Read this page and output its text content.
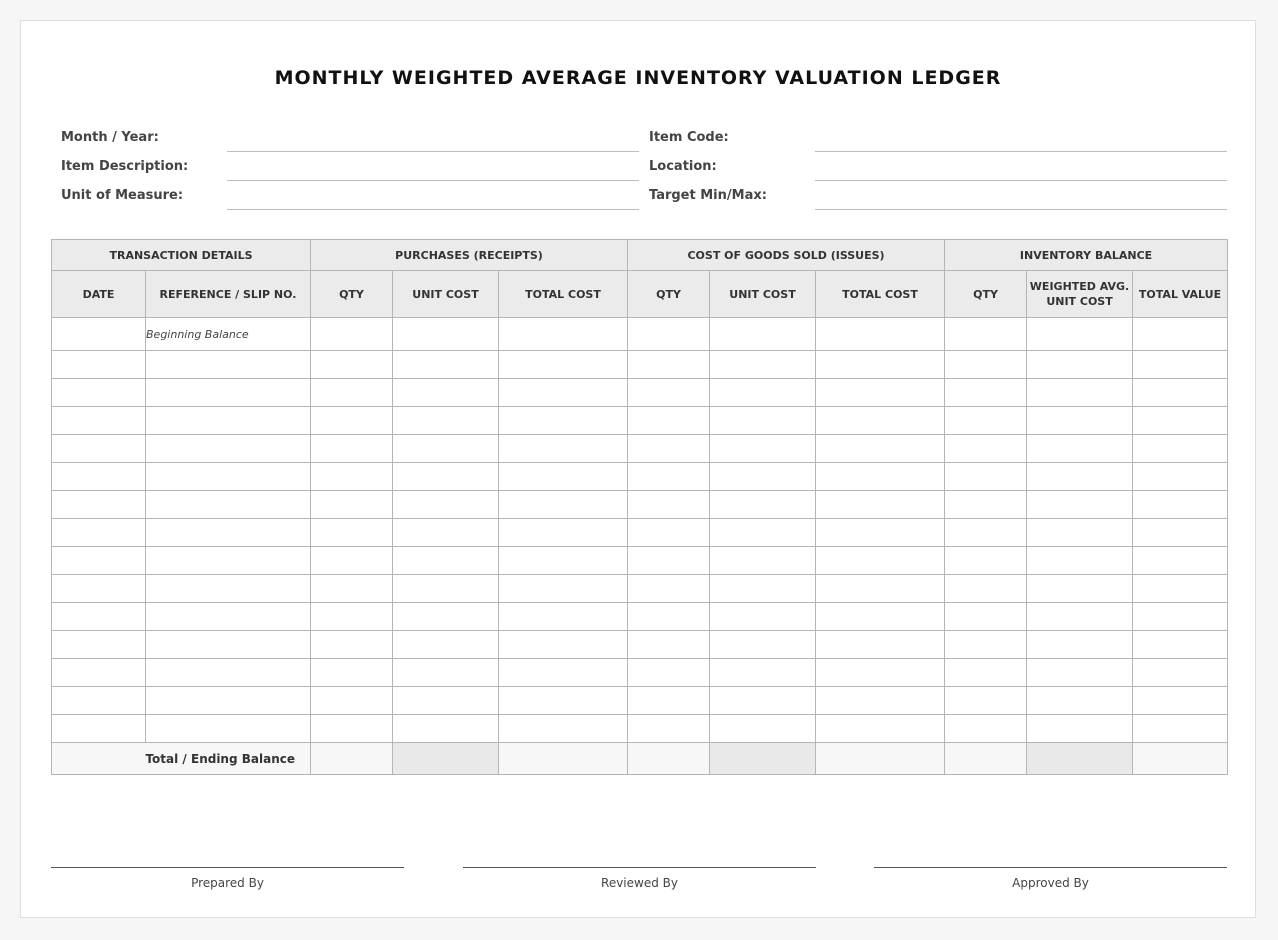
MONTHLY WEIGHTED AVERAGE INVENTORY VALUATION LEDGER
Month / Year:
Item Description:
Unit of Measure:
Item Code:
Location:
Target Min/Max:
TRANSACTION DETAILS		PURCHASES (RECEIPTS)			COST OF GOODS SOLD (ISSUES)			INVENTORY BALANCE		
DATE	REFERENCE / SLIP NO.	QTY	UNIT COST	TOTAL COST	QTY	UNIT COST	TOTAL COST	QTY	WEIGHTED AVG.
UNIT COST	TOTAL VALUE
	Beginning Balance									

Total / Ending Balance										
Prepared By	Reviewed By	Approved By
